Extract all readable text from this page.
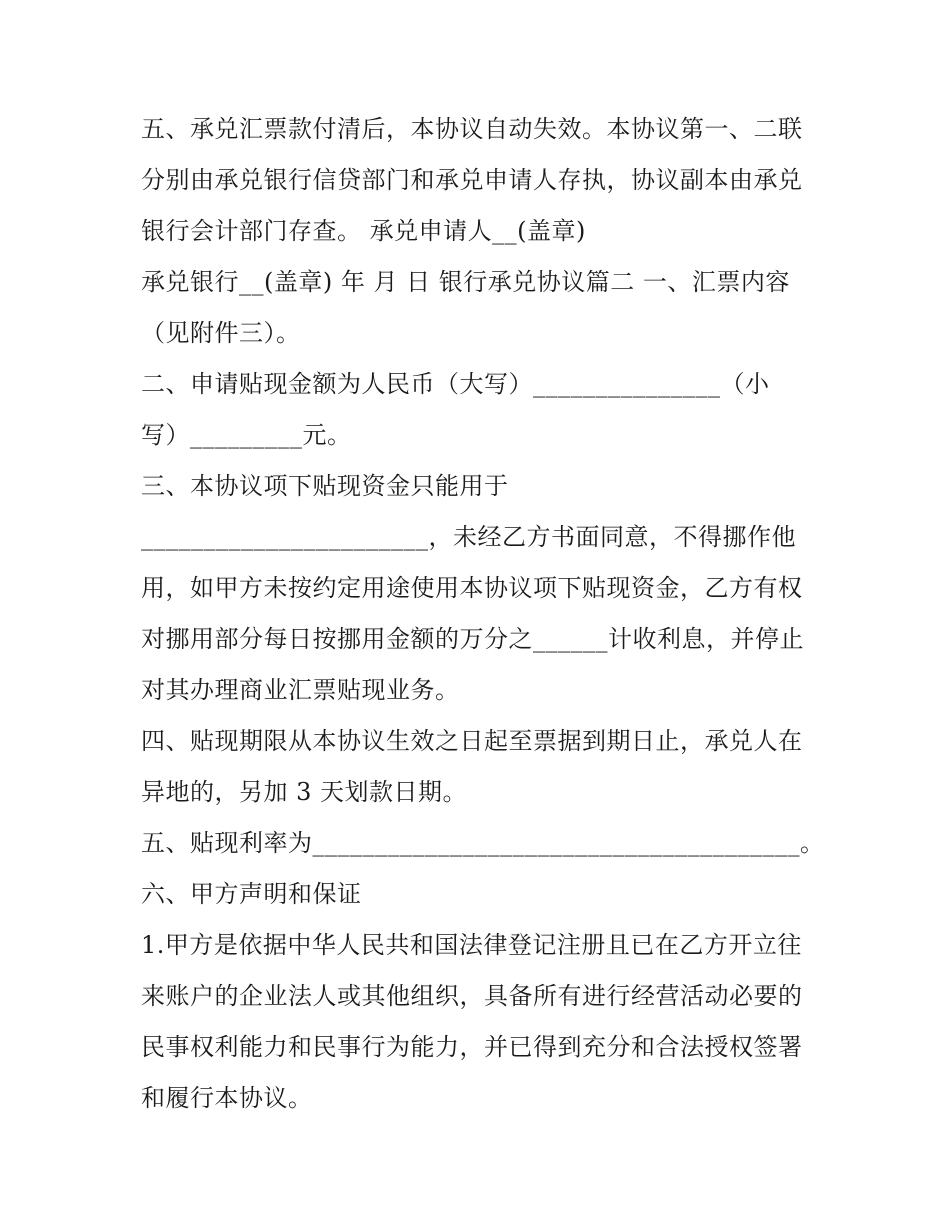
五、承兑汇票款付清后，本协议自动失效。本协议第一、二联
分别由承兑银行信贷部门和承兑申请人存执，协议副本由承兑
银行会计部门存查。 承兑申请人__(盖章)
承兑银行__(盖章) 年 月 日 银行承兑协议篇二 一、汇票内容
（见附件三）。
二、申请贴现金额为人民币（大写）_______________（小
写）_________元。
三、本协议项下贴现资金只能用于
_______________________，未经乙方书面同意，不得挪作他
用，如甲方未按约定用途使用本协议项下贴现资金，乙方有权
对挪用部分每日按挪用金额的万分之______计收利息，并停止
对其办理商业汇票贴现业务。
四、贴现期限从本协议生效之日起至票据到期日止，承兑人在
异地的，另加 3 天划款日期。
五、贴现利率为_______________________________________。
六、甲方声明和保证
1.甲方是依据中华人民共和国法律登记注册且已在乙方开立往
来账户的企业法人或其他组织，具备所有进行经营活动必要的
民事权利能力和民事行为能力，并已得到充分和合法授权签署
和履行本协议。
